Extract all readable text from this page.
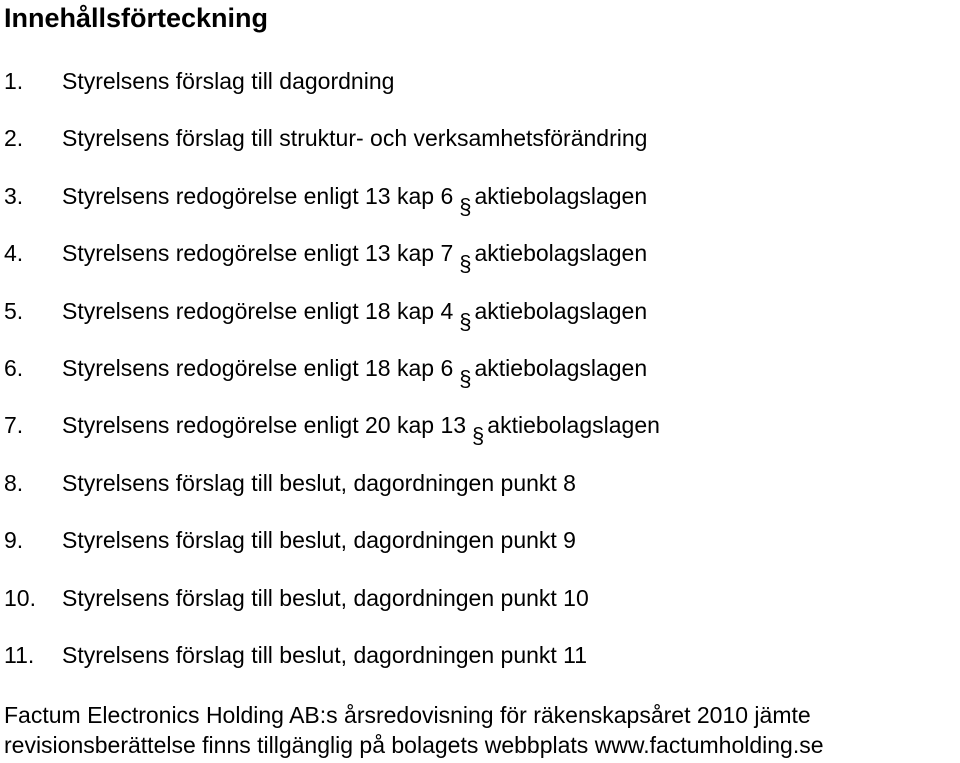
Innehållsförteckning
1. Styrelsens förslag till dagordning
2. Styrelsens förslag till struktur- och verksamhetsförändring
3. Styrelsens redogörelse enligt 13 kap 6 § aktiebolagslagen
4. Styrelsens redogörelse enligt 13 kap 7 § aktiebolagslagen
5. Styrelsens redogörelse enligt 18 kap 4 § aktiebolagslagen
6. Styrelsens redogörelse enligt 18 kap 6 § aktiebolagslagen
7. Styrelsens redogörelse enligt 20 kap 13 § aktiebolagslagen
8. Styrelsens förslag till beslut, dagordningen punkt 8
9. Styrelsens förslag till beslut, dagordningen punkt 9
10. Styrelsens förslag till beslut, dagordningen punkt 10
11. Styrelsens förslag till beslut, dagordningen punkt 11

Factum Electronics Holding AB:s årsredovisning för räkenskapsåret 2010 jämte
revisionsberättelse finns tillgänglig på bolagets webbplats www.factumholding.se
